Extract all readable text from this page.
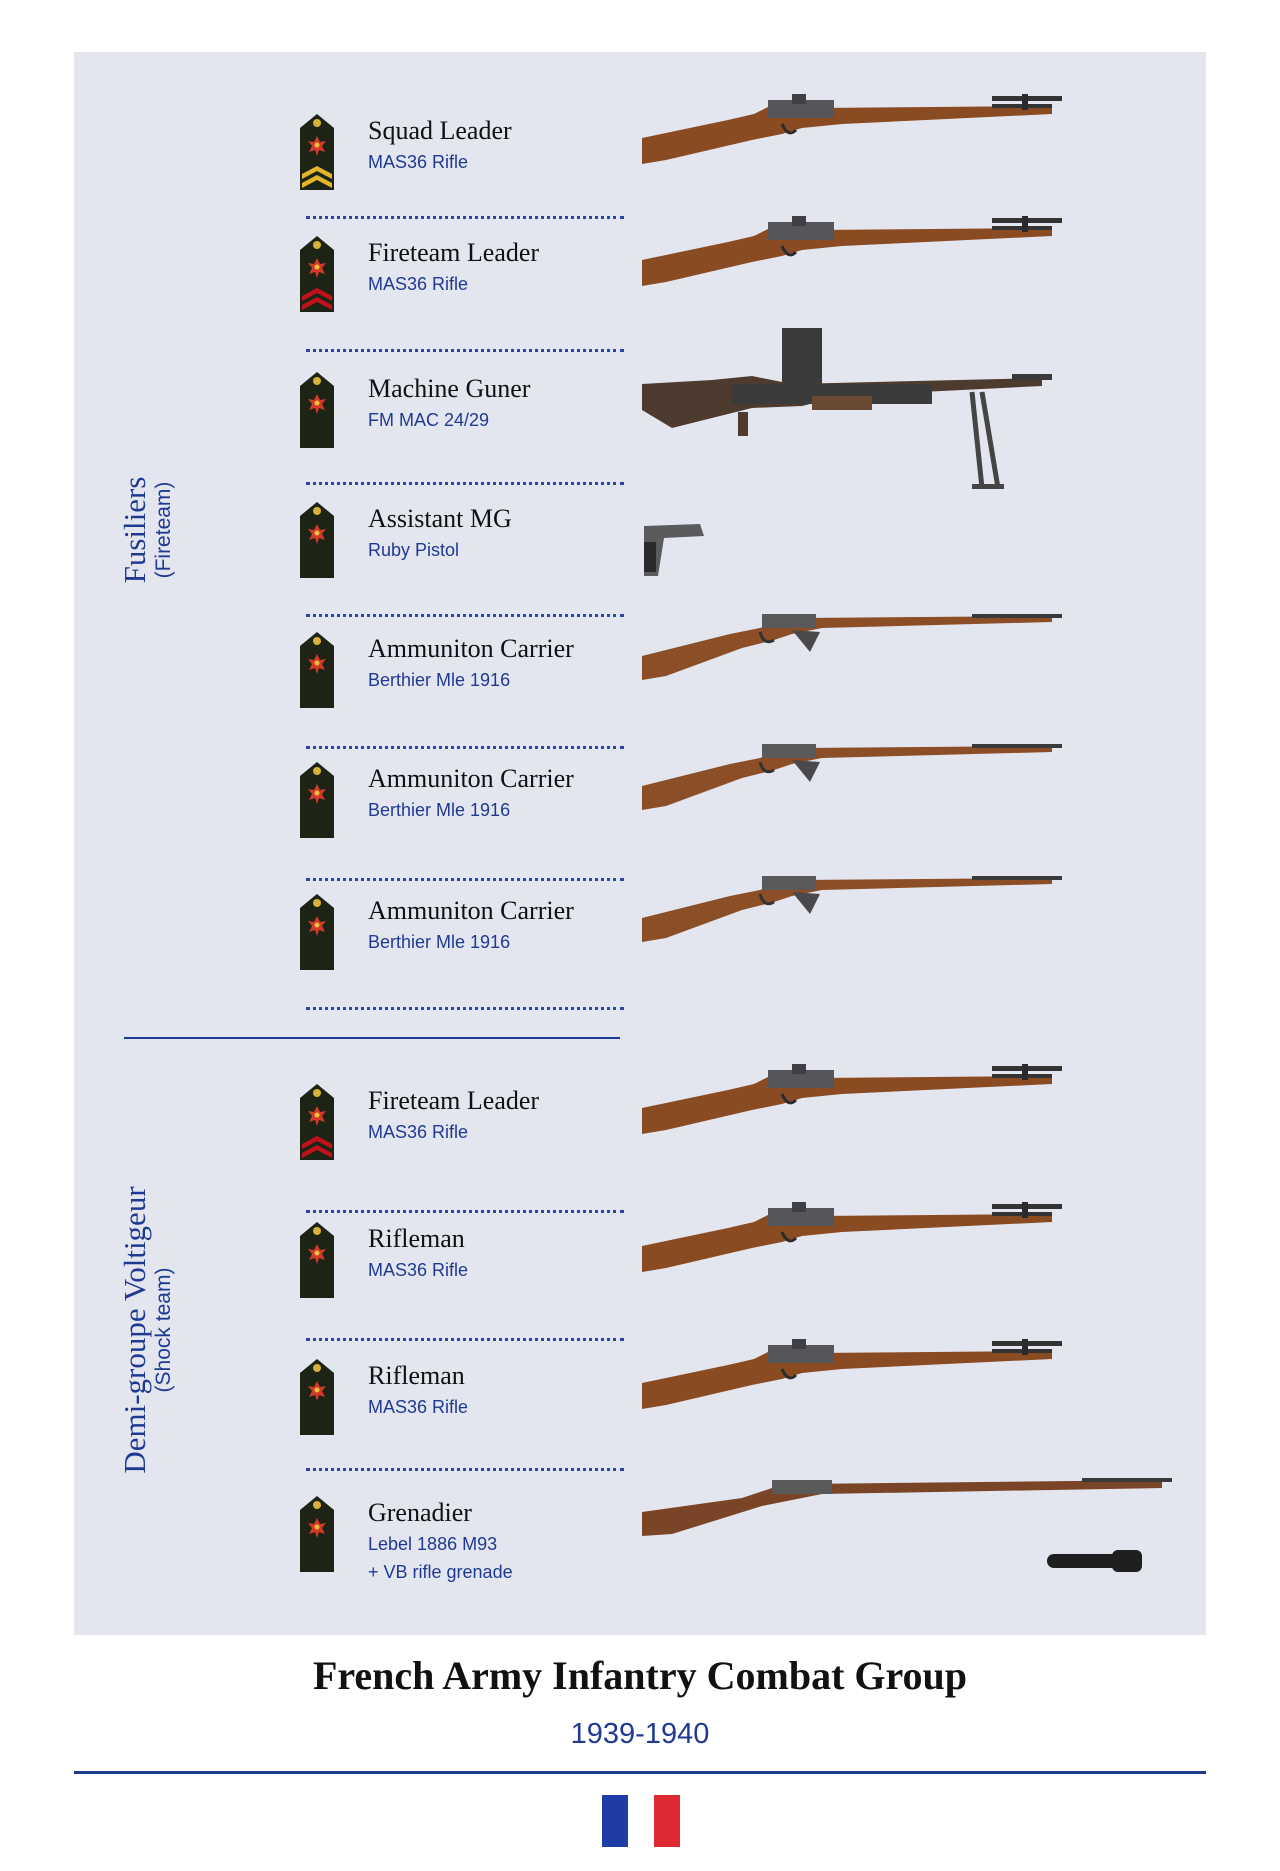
Fusiliers (Fireteam)
Demi-groupe Voltigeur (Shock team)
Squad Leader
MAS36 Rifle
Fireteam Leader
MAS36 Rifle
Machine Guner
FM MAC 24/29
Assistant MG
Ruby Pistol
Ammuniton Carrier
Berthier Mle 1916
Ammuniton Carrier
Berthier Mle 1916
Ammuniton Carrier
Berthier Mle 1916
Fireteam Leader
MAS36 Rifle
Rifleman
MAS36 Rifle
Rifleman
MAS36 Rifle
Grenadier
Lebel 1886 M93
+ VB rifle grenade
French Army Infantry Combat Group
1939-1940
